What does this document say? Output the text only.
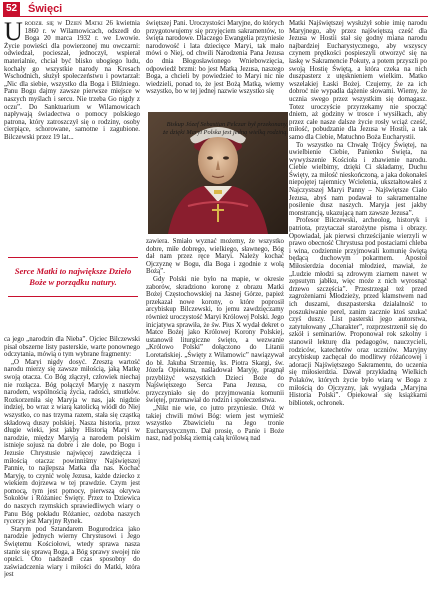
52 Święci

Urodził się w Dzień Matki 26 kwietnia 1860 r. w Wilamowicach, odszedł do Boga 20 marca 1932 r. we Lwowie. Życie powieści dla powierzonej mu owczarni: odwiedzał, pocieszał, jednoczył, wspierał materialnie, chciał być blisko ubogiego ludu, kochały go wszystkie narody na Kresach Wschodnich, służył społeczeństwu i powtarzał: „Nic dla siebie, wszystko dla Boga i Bliźniego. Panu Bogu dajmy zawsze pierwsze miejsce w naszych myślach i sercu. Nie trzeba Go nigdy z oczu”. Do Sanktuarium w Wilamowicach napływają świadectwa o pomocy polskiego patrona, który zatroszczył się o rodziny, osoby cierpiące, schorowane, samotne i zagubione. Bilczewski przez 19 lat...

Serce Matki to największe Dzieło Boże w porządku natury.

ca jego „narodzin dla Nieba”. Ojciec Bilczewski pisał obszerne listy pasterskie, warte ponownego odczytania, mówią o tym wybrane fragmenty:

„O Maryi nigdy dosyć. Zresztą wartość narodu mierzy się zawsze miłością, jaką Matkę swoją otacza. Co Bóg złączył, człowiek niechaj nie rozłącza. Bóg połączył Maryję z naszym narodem, wspólnością życia, radości, smutków. Rozkorzeniła się Maryja w nas, jak nigdzie indziej, bo wraz z wiarą katolicką wiódł do Niej wszystko, co nas trzyma razem, stała się cząstką składową duszy polskiej. Nasza historia, przez długie wieki, jest jakby Historią Maryi w narodzie, między Maryją a narodem polskim istnieje sojusz na dobre i złe dole, po Bogu i Jezusie Chrystusie najwięcej zawdzięcza i miłością otacza: powinniśmy Najświętszej Pannie, to najlepsza Matka dla nas. Kochać Maryję, to czynić wolę Jezusa, każde dziecko z wiekiem dojrzewa w tej prawdzie. Czym jest pomocą, tym jest pomocy, pierwszą okrywa Sokołów i Różaniec Święty. Przez to Dziewica do naszych rzymskich sprawiedliwych wiary o Panu Bóg pokładu Różaniec, ozdoba naszych rycerzy jest Maryjny Rynek.

Starym pod Sztandarem Bogurodzica jako narodzie jednych wierny Chrystusowi i Jego Świętemu Kościołowi, wtedy sprawa nasza stanie się sprawą Boga, a Bóg sprawy swojej nie opuści. Oto nadszedł czas sposobny do zaświadczenia wiary i miłości do Matki, która jest

świętszej Pani. Uroczystości Maryjne, do których przygotowujemy się przyjęciem sakramentów, to święta narodowe. Dlaczego Ewangelia przyniesie narodowość i lata dziecięce Maryi, tak mało mówi o Niej, od chwili Narodzenia Pana Jezusa do dnia Błogosławionego Wniebowzięcia, odpowiedź brzmi: bo jest Matką Jezusa, naszego Boga, a chcieli by powiedzieć to Maryi nic nie wiedzieli, ponad to, że jest Bożą Matką, wiemy wszystko, bo w tej jednej nazwie wszystko się

Biskup Józef Sebastian Pelczar był przekonany, że dzięki Maryi Polska jest jedną wielką rodziną.

zawiera. Śmiało wyznać możemy, że wszystko dobre, miłe dobrego, wielkiego, sławnego, Bóg dał nam przez ręce Maryi. Należy kochać Ojczyznę w Bogu, dla Boga i zgodnie z wolą Bożą”.

Gdy Polski nie było na mapie, w okresie zaborów, skradziono koronę z obrazu Matki Bożej Częstochowskiej na Jasnej Górze, papież przekazał nowe korony, o które poprosił arcybiskup Bilczewski, to jemu zawdzięczamy również uroczystość Maryi Królowej Polski. Jego inicjatywa sprawiła, że św. Pius X wydał dekret o Matce Bożej jako Królowej Korony Polskiej, ustanowił liturgiczne święto, a wezwanie „Królowo Polski” dołączono do Litanii Loretańskiej. „Święty z Wilamowic” nawiązywał do bł. Jakuba Strzemię, ks. Piotra Skargi, św. Józefa Opiekuna, naśladował Maryję, pragnął przybliżyć wszystkich Dzieci Boże do Najświętszego Serca Pana Jezusa, co przyczyniało się do przyjmowania komunii świętej, przemawiał do rodzin i społeczeństwa.

„Nikt nie wie, co jutro przyniesie. Otóż w takiej chwili mówi Bóg: wiem jest wymieść wszystko Zbawicielu na Jego tronie Eucharystycznym. Dał prosię, o Panie i Boże nasz, nad polską ziemią całą królową nad

Matki Najświętszej wysłużył sobie imię narodu Maryjnego, aby przez najświętszą cześć dla Jezusa w Hostii stał się godny miana narodu najbardziej Eucharystycznego, aby wszyscy czynem prędkości pospieszyli otworzyć się na łaskę w Sakramencie Pokuty, a potem przyszli po swoją Hostię Świętą, a która czeka na nich duszpasterz z utęsknieniem wielkim. Matko wszelakiej Łaski Bożej. Czujemy, że za ich dobroć nie wypadła dążenie słowami. Wiemy, że ucznia swego przez wszystkim się domagasz. Totez uroczyście przyrzekamy nie spocząć dniem, aż godziny w trosce i wysiłkach, aby przez całe nasze dalsze życie rosły wciąż cześć, miłość, pobudzanie dla Jezusa w Hostii, a tak samo dla Ciebie, Matuchno Boża Eucharystii.

To wszystko na Chwałę Trójcy Świętej, na uwielbienie Ciebie, Panienko Święta, na wywyższenie Kościoła i zbawienie narodu. Ciebie wielbimy, dzięki Ci składamy, Duchu Święty, za miłość nieskończoną, a jaka dokonałeś niepojętej tajemnicy Wcielenia, ukształtowałeś z Najczystszej Maryi Panny – Najświętsze Ciało Jezusa, abyś nam podawał to sakramentalne posilenie dusz naszych. Maryja jest jakby monstrancją, ukazującą nam zawsze Jezusa”.

Profesor Bilczewski, archeolog, historyk i patriota, przytaczał starożytne pisma i obrazy. Opowiadał, jak pierwsi chrześcijanie wierzyli w prawo obecność Chrystusa pod postaciami chleba i wina, codziennie przyjmowali komunię świętą będącą duchowym pokarmem. Apostoł Miłosierdzia doceniał młodzież, mawiał, że „Ludzie młodzi są zdrowym ziarnem nawet w zepsutym jabłku, więc może z nich wyrosnąć drzewo szczęścia”. Przestrzegał też przed zagrożeniami Młodzieży, przed kłamstwem nad ich duszami, duszpasterska działalność to poszukiwanie perel, zanim zacznie ktoś szukać czyś duszy. List pasterski jego autorstwa, zatytułowany „Charakter”, rozprzestrzenił się do szkół i seminariów. Proponował rok szkolny i stanowił lekturę dla pedagogów, nauczycieli, rodziców, katechetów oraz uczniów. Maryjny arcybiskup zachęcał do modlitwy różańcowej i adoracji Najświętszego Sakramentu, do uczenia się miłosierdzia. Dawał przykładną Wielkich Polaków, których życie było wiarą w Boga z miłością do Ojczyzny, jak wygłada „Maryjna Historia Polski”. Opiekował się książkami bibliotek, ochronek.
